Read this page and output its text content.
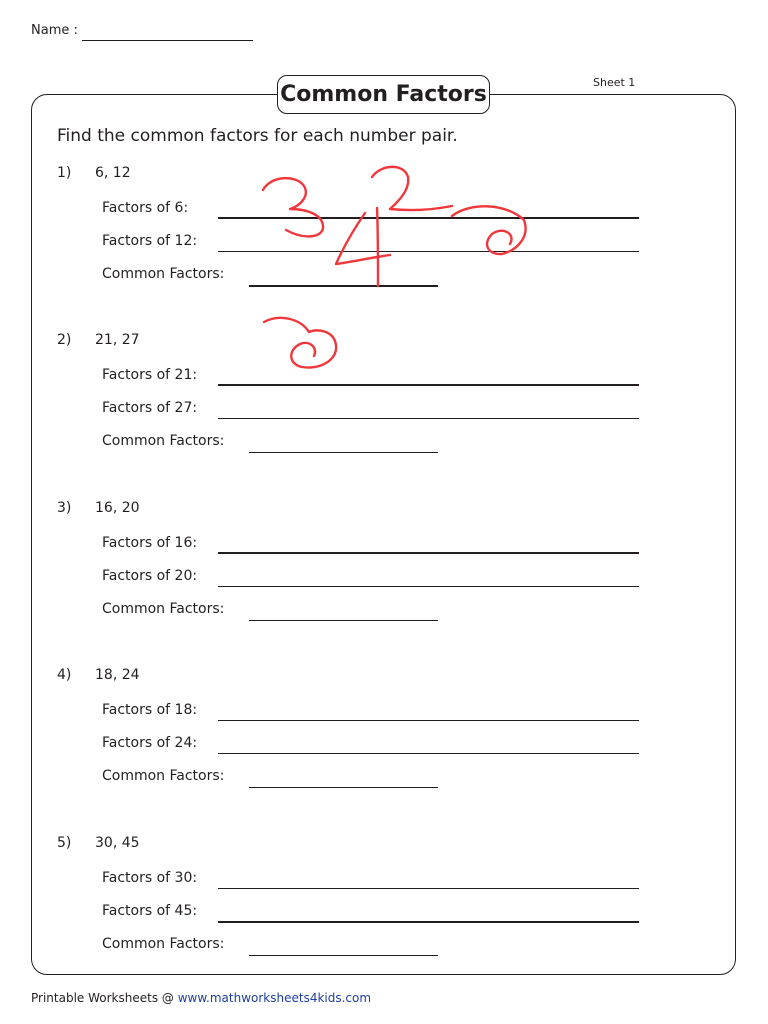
Name :
Common Factors	Sheet 1
Find the common factors for each number pair.
1) 6, 12
Factors of 6:
Factors of 12:
Common Factors:
2) 21, 27
Factors of 21:
Factors of 27:
Common Factors:
3) 16, 20
Factors of 16:
Factors of 20:
Common Factors:
4) 18, 24
Factors of 18:
Factors of 24:
Common Factors:
5) 30, 45
Factors of 30:
Factors of 45:
Common Factors:
Printable Worksheets @ www.mathworksheets4kids.com
